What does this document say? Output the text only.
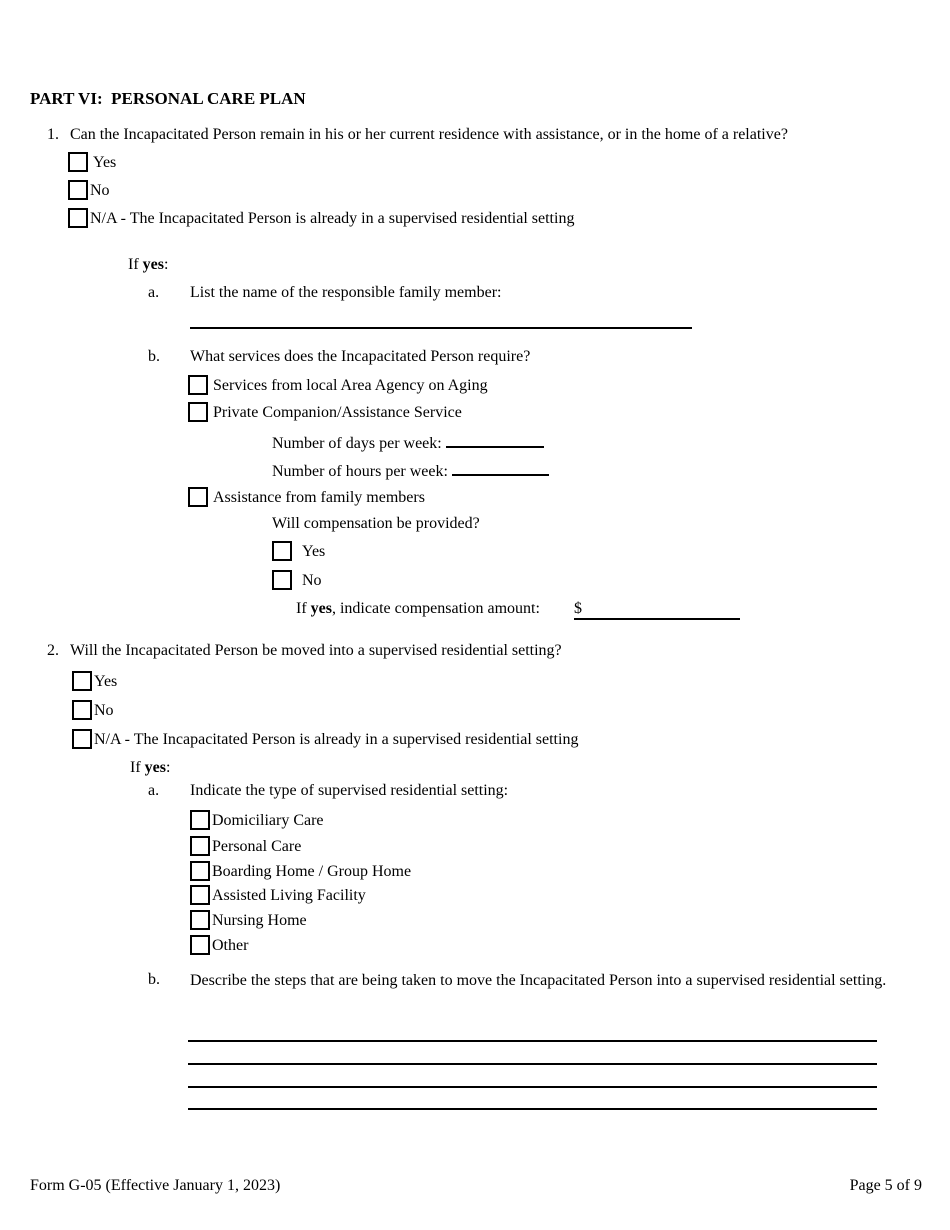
PART VI:  PERSONAL CARE PLAN
1. Can the Incapacitated Person remain in his or her current residence with assistance, or in the home of a relative?
Yes
No
N/A - The Incapacitated Person is already in a supervised residential setting
If yes:
a. List the name of the responsible family member:
b. What services does the Incapacitated Person require?
Services from local Area Agency on Aging
Private Companion/Assistance Service
Number of days per week:
Number of hours per week:
Assistance from family members
Will compensation be provided?
Yes
No
If yes, indicate compensation amount: $
2. Will the Incapacitated Person be moved into a supervised residential setting?
Yes
No
N/A - The Incapacitated Person is already in a supervised residential setting
If yes:
a. Indicate the type of supervised residential setting:
Domiciliary Care
Personal Care
Boarding Home / Group Home
Assisted Living Facility
Nursing Home
Other
b.	Describe the steps that are being taken to move the Incapacitated Person into a supervised residential setting.
Form G-05 (Effective January 1, 2023)	Page 5 of 9
